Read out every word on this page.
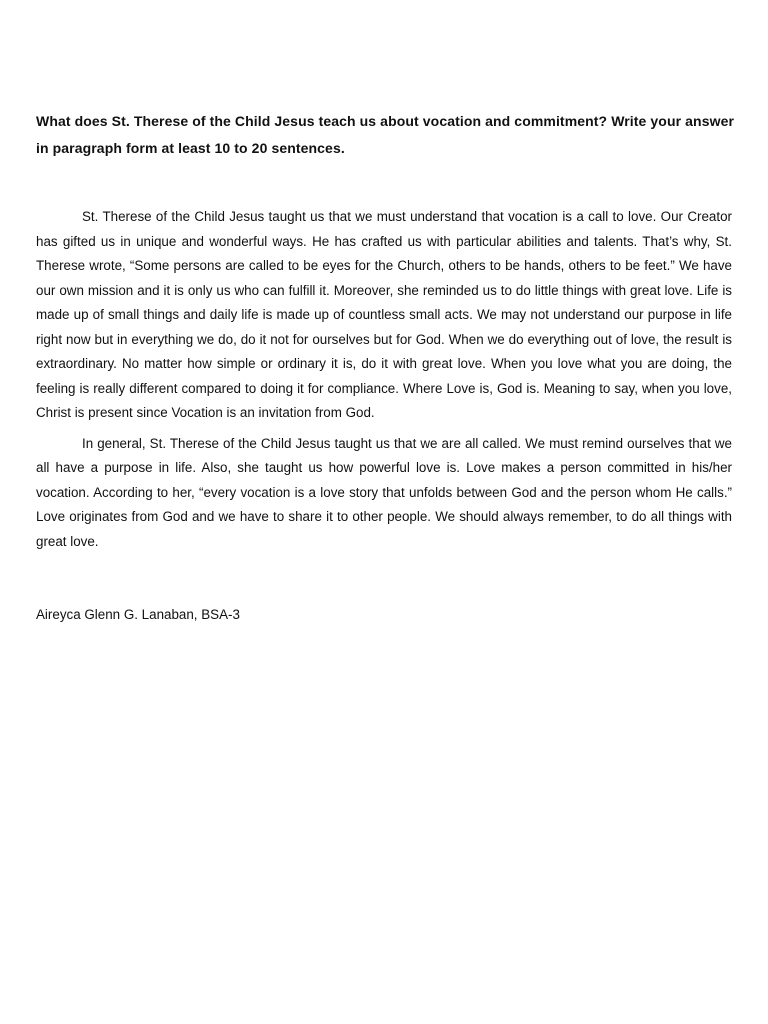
What does St. Therese of the Child Jesus teach us about vocation and commitment? Write your answer in paragraph form at least 10 to 20 sentences.

St. Therese of the Child Jesus taught us that we must understand that vocation is a call to love. Our Creator has gifted us in unique and wonderful ways. He has crafted us with particular abilities and talents. That’s why, St. Therese wrote, “Some persons are called to be eyes for the Church, others to be hands, others to be feet.” We have our own mission and it is only us who can fulfill it. Moreover, she reminded us to do little things with great love. Life is made up of small things and daily life is made up of countless small acts. We may not understand our purpose in life right now but in everything we do, do it not for ourselves but for God. When we do everything out of love, the result is extraordinary. No matter how simple or ordinary it is, do it with great love. When you love what you are doing, the feeling is really different compared to doing it for compliance. Where Love is, God is. Meaning to say, when you love, Christ is present since Vocation is an invitation from God.

In general, St. Therese of the Child Jesus taught us that we are all called. We must remind ourselves that we all have a purpose in life. Also, she taught us how powerful love is. Love makes a person committed in his/her vocation. According to her, “every vocation is a love story that unfolds between God and the person whom He calls.” Love originates from God and we have to share it to other people. We should always remember, to do all things with great love.

Aireyca Glenn G. Lanaban, BSA-3
